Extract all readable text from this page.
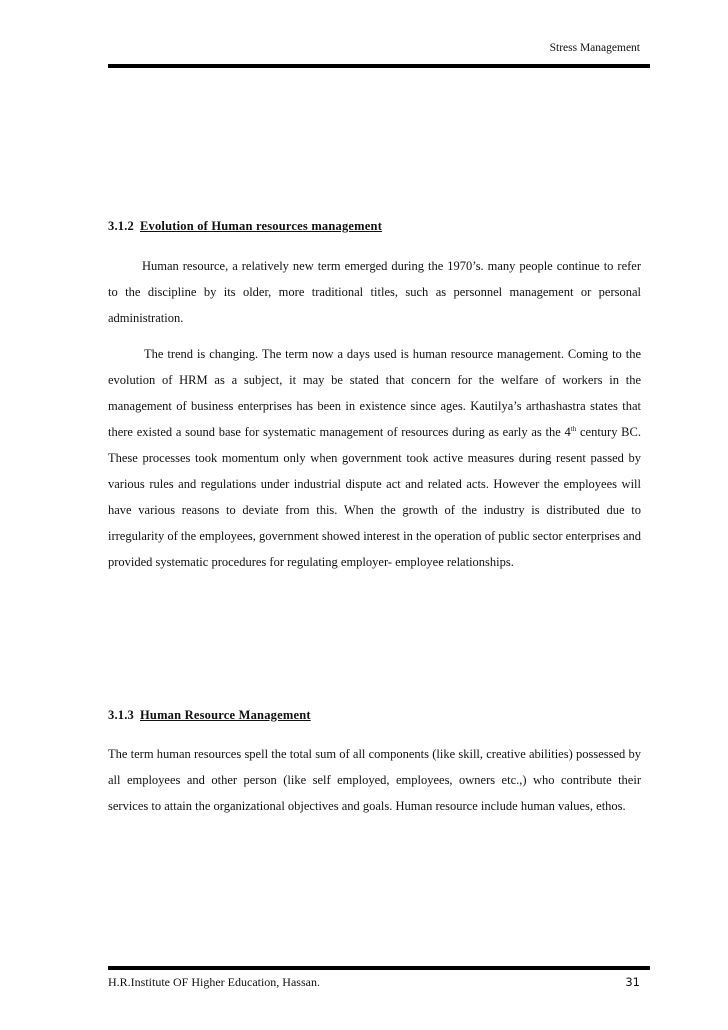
Stress Management
3.1.2 Evolution of Human resources management

Human resource, a relatively new term emerged during the 1970’s. many people continue to refer to the discipline by its older, more traditional titles, such as personnel management or personal administration.

The trend is changing. The term now a days used is human resource management. Coming to the evolution of HRM as a subject, it may be stated that concern for the welfare of workers in the management of business enterprises has been in existence since ages. Kautilya’s arthashastra states that there existed a sound base for systematic management of resources during as early as the 4th century BC. These processes took momentum only when government took active measures during resent passed by various rules and regulations under industrial dispute act and related acts. However the employees will have various reasons to deviate from this. When the growth of the industry is distributed due to irregularity of the employees, government showed interest in the operation of public sector enterprises and provided systematic procedures for regulating employer- employee relationships.

3.1.3 Human Resource Management

The term human resources spell the total sum of all components (like skill, creative abilities) possessed by all employees and other person (like self employed, employees, owners etc.,) who contribute their services to attain the organizational objectives and goals. Human resource include human values, ethos.

H.R.Institute OF Higher Education, Hassan.	31
